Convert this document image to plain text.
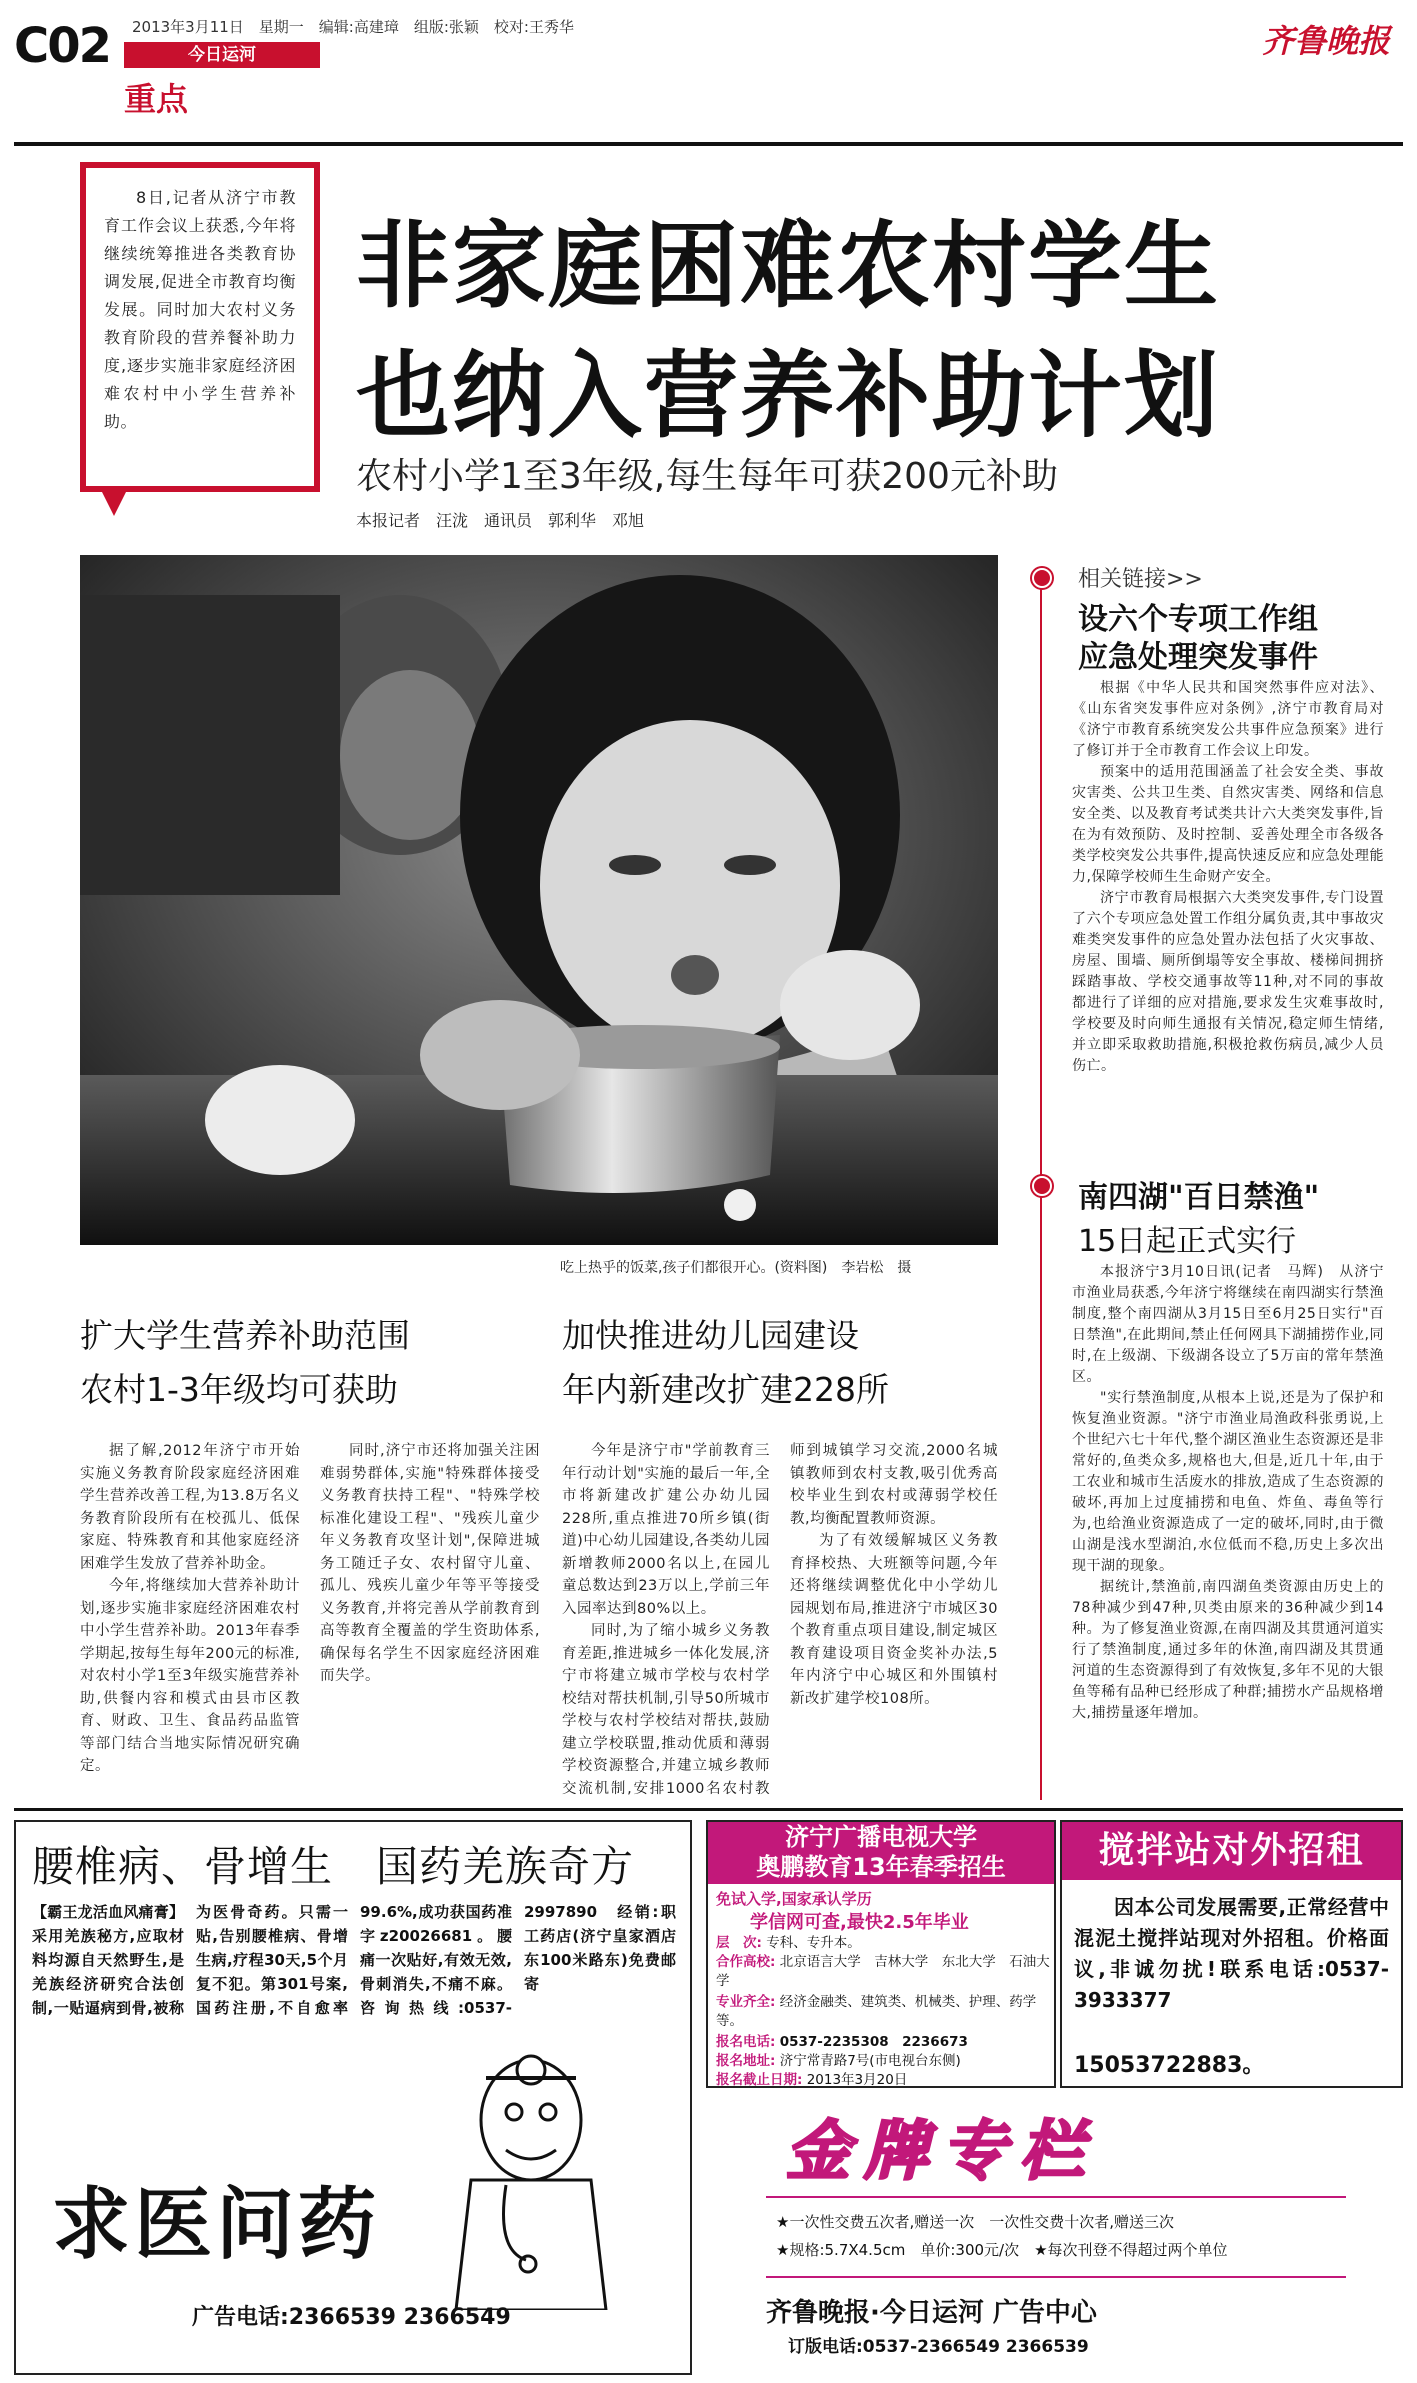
C02 2013年3月11日　星期一　编辑:高建璋　组版:张颖　校对:王秀华
今日运河
重点
齐鲁晚报

8日,记者从济宁市教育工作会议上获悉,今年将继续统筹推进各类教育协调发展,促进全市教育均衡发展。同时加大农村义务教育阶段的营养餐补助力度,逐步实施非家庭经济困难农村中小学生营养补助。

非家庭困难农村学生
也纳入营养补助计划
农村小学1至3年级,每生每年可获200元补助
本报记者　汪泷　通讯员　郭利华　邓旭
吃上热乎的饭菜,孩子们都很开心。(资料图)　李岩松　摄
扩大学生营养补助范围
农村1-3年级均可获助

据了解,2012年济宁市开始实施义务教育阶段家庭经济困难学生营养改善工程,为13.8万名义务教育阶段所有在校孤儿、低保家庭、特殊教育和其他家庭经济困难学生发放了营养补助金。

今年,将继续加大营养补助计划,逐步实施非家庭经济困难农村中小学生营养补助。2013年春季学期起,按每生每年200元的标准,对农村小学1至3年级实施营养补助,供餐内容和模式由县市区教育、财政、卫生、食品药品监管等部门结合当地实际情况研究确定。

同时,济宁市还将加强关注困难弱势群体,实施"特殊群体接受义务教育扶持工程"、"特殊学校标准化建设工程"、"残疾儿童少年义务教育攻坚计划",保障进城务工随迁子女、农村留守儿童、孤儿、残疾儿童少年等平等接受义务教育,并将完善从学前教育到高等教育全覆盖的学生资助体系,确保每名学生不因家庭经济困难而失学。

加快推进幼儿园建设
年内新建改扩建228所

今年是济宁市"学前教育三年行动计划"实施的最后一年,全市将新建改扩建公办幼儿园228所,重点推进70所乡镇(街道)中心幼儿园建设,各类幼儿园新增教师2000名以上,在园儿童总数达到23万以上,学前三年入园率达到80%以上。

同时,为了缩小城乡义务教育差距,推进城乡一体化发展,济宁市将建立城市学校与农村学校结对帮扶机制,引导50所城市学校与农村学校结对帮扶,鼓励建立学校联盟,推动优质和薄弱学校资源整合,并建立城乡教师交流机制,安排1000名农村教师到城镇学习交流,2000名城镇教师到农村支教,吸引优秀高校毕业生到农村或薄弱学校任教,均衡配置教师资源。

为了有效缓解城区义务教育择校热、大班额等问题,今年还将继续调整优化中小学幼儿园规划布局,推进济宁市城区30个教育重点项目建设,制定城区教育建设项目资金奖补办法,5年内济宁中心城区和外围镇村新改扩建学校108所。

相关链接>>
设六个专项工作组
应急处理突发事件

根据《中华人民共和国突然事件应对法》、《山东省突发事件应对条例》,济宁市教育局对《济宁市教育系统突发公共事件应急预案》进行了修订并于全市教育工作会议上印发。

预案中的适用范围涵盖了社会安全类、事故灾害类、公共卫生类、自然灾害类、网络和信息安全类、以及教育考试类共计六大类突发事件,旨在为有效预防、及时控制、妥善处理全市各级各类学校突发公共事件,提高快速反应和应急处理能力,保障学校师生生命财产安全。

济宁市教育局根据六大类突发事件,专门设置了六个专项应急处置工作组分属负责,其中事故灾难类突发事件的应急处置办法包括了火灾事故、房屋、围墙、厕所倒塌等安全事故、楼梯间拥挤踩踏事故、学校交通事故等11种,对不同的事故都进行了详细的应对措施,要求发生灾难事故时,学校要及时向师生通报有关情况,稳定师生情绪,并立即采取救助措施,积极抢救伤病员,减少人员伤亡。

南四湖"百日禁渔"
15日起正式实行

本报济宁3月10日讯(记者　马辉)　从济宁市渔业局获悉,今年济宁将继续在南四湖实行禁渔制度,整个南四湖从3月15日至6月25日实行"百日禁渔",在此期间,禁止任何网具下湖捕捞作业,同时,在上级湖、下级湖各设立了5万亩的常年禁渔区。

"实行禁渔制度,从根本上说,还是为了保护和恢复渔业资源。"济宁市渔业局渔政科张勇说,上个世纪六七十年代,整个湖区渔业生态资源还是非常好的,鱼类众多,规格也大,但是,近几十年,由于工农业和城市生活废水的排放,造成了生态资源的破坏,再加上过度捕捞和电鱼、炸鱼、毒鱼等行为,也给渔业资源造成了一定的破坏,同时,由于微山湖是浅水型湖泊,水位低而不稳,历史上多次出现干湖的现象。

据统计,禁渔前,南四湖鱼类资源由历史上的78种减少到47种,贝类由原来的36种减少到14种。为了修复渔业资源,在南四湖及其贯通河道实行了禁渔制度,通过多年的休渔,南四湖及其贯通河道的生态资源得到了有效恢复,多年不见的大银鱼等稀有品种已经形成了种群;捕捞水产品规格增大,捕捞量逐年增加。

腰椎病、骨增生　国药羌族奇方
【霸王龙活血风痛膏】采用羌族秘方,应取材料均源自天然野生,是羌族经济研究合法创制,一贴逼病到骨,被称为医骨奇药。只需一贴,告别腰椎病、骨增生病,疗程30天,5个月复不犯。第301号案,国药注册,不自愈率99.6%,成功获国药准字z20026681。腰痛一次贴好,有效无效,骨刺消失,不痛不麻。咨询热线:0537-2997890　经销:职工药店(济宁皇家酒店东100米路东)免费邮寄
求医问药
广告电话:2366539 2366549
济宁广播电视大学
奥鹏教育13年春季招生
免试入学,国家承认学历
学信网可查,最快2.5年毕业
层　次: 专科、专升本。
合作高校: 北京语言大学　吉林大学　东北大学　石油大学
专业齐全: 经济金融类、建筑类、机械类、护理、药学等。
报名电话: 0537-2235308　2236673
报名地址: 济宁常青路7号(市电视台东侧)
报名截止日期: 2013年3月20日
搅拌站对外招租
因本公司发展需要,正常经营中混泥土搅拌站现对外招租。价格面议,非诚勿扰!联系电话:0537-3933377
15053722883。
金牌专栏
★一次性交费五次者,赠送一次　一次性交费十次者,赠送三次
★规格:5.7X4.5cm　单价:300元/次　★每次刊登不得超过两个单位
齐鲁晚报·今日运河 广告中心
订版电话:0537-2366549 2366539
